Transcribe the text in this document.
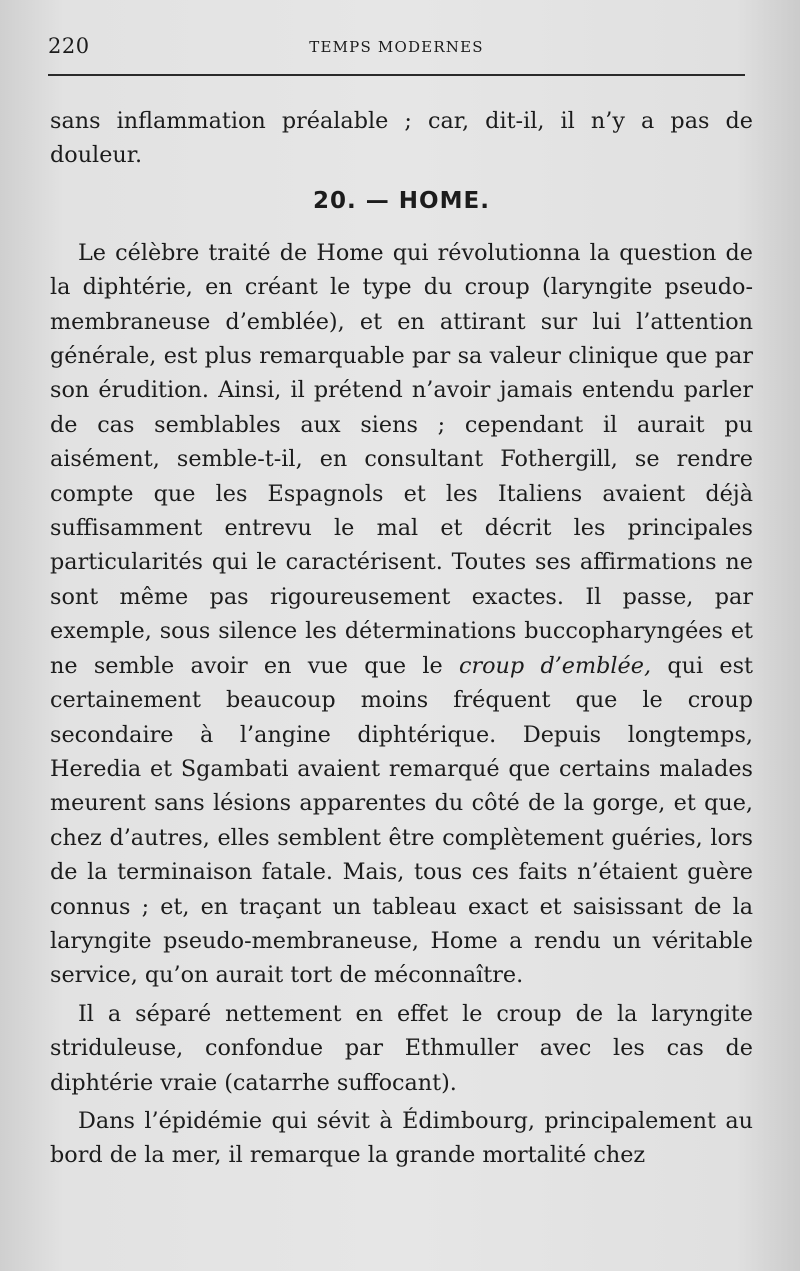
220	TEMPS MODERNES

sans inflammation préalable ; car, dit-il, il n’y a pas de douleur.

20. — HOME.

Le célèbre traité de Home qui révolutionna la question de la diphtérie, en créant le type du croup (laryngite pseudo-membraneuse d’emblée), et en attirant sur lui l’attention générale, est plus remarquable par sa valeur clinique que par son érudition. Ainsi, il prétend n’avoir jamais entendu parler de cas semblables aux siens ; cependant il aurait pu aisément, semble-t-il, en consultant Fothergill, se rendre compte que les Espagnols et les Italiens avaient déjà suffisamment entrevu le mal et décrit les principales particularités qui le caractérisent. Toutes ses affirmations ne sont même pas rigoureusement exactes. Il passe, par exemple, sous silence les déterminations buccopharyngées et ne semble avoir en vue que le croup d’emblée, qui est certainement beaucoup moins fréquent que le croup secondaire à l’angine diphtérique. Depuis longtemps, Heredia et Sgambati avaient remarqué que certains malades meurent sans lésions apparentes du côté de la gorge, et que, chez d’autres, elles semblent être complètement guéries, lors de la terminaison fatale. Mais, tous ces faits n’étaient guère connus ; et, en traçant un tableau exact et saisissant de la laryngite pseudo-membraneuse, Home a rendu un véritable service, qu’on aurait tort de méconnaître.

Il a séparé nettement en effet le croup de la laryngite striduleuse, confondue par Ethmuller avec les cas de diphtérie vraie (catarrhe suffocant).

Dans l’épidémie qui sévit à Édimbourg, principalement au bord de la mer, il remarque la grande mortalité chez
